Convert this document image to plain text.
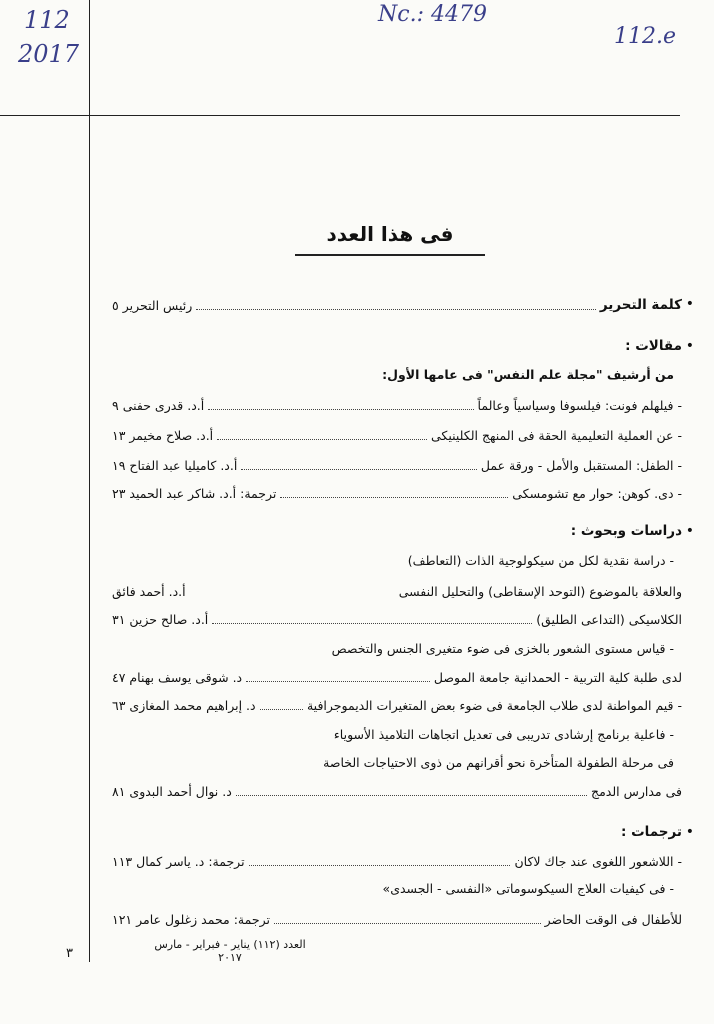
112
2017
Nc.: 4479
112.e
فى هذا العدد
•
كلمة التحرير
رئيس التحرير ٥
•
مقالات :
من أرشيف "مجلة علم النفس" فى عامها الأول:
- فيلهلم فونت: فيلسوفا وسياسياً وعالماً
أ.د. قدرى حفنى ٩
- عن العملية التعليمية الحقة فى المنهج الكلينيكى
أ.د. صلاح مخيمر ١٣
- الطفل: المستقبل والأمل - ورقة عمل
أ.د. كاميليا عبد الفتاح ١٩
- دى. كوهن: حوار مع تشومسكى
ترجمة: أ.د. شاكر عبد الحميد ٢٣
•
دراسات وبحوث :
- دراسة نقدية لكل من سيكولوجية الذات (التعاطف)
والعلاقة بالموضوع (التوحد الإسقاطى) والتحليل النفسى
أ.د. أحمد فائق
الكلاسيكى (التداعى الطليق)
أ.د. صالح حزين ٣١
- قياس مستوى الشعور بالخزى فى ضوء متغيرى الجنس والتخصص
لدى طلبة كلية التربية - الحمدانية جامعة الموصل
د. شوقى يوسف بهنام ٤٧
- قيم المواطنة لدى طلاب الجامعة فى ضوء بعض المتغيرات الديموجرافية
د. إبراهيم محمد المغازى ٦٣
- فاعلية برنامج إرشادى تدريبى فى تعديل اتجاهات التلاميذ الأسوياء
فى مرحلة الطفولة المتأخرة نحو أقرانهم من ذوى الاحتياجات الخاصة
فى مدارس الدمج
د. نوال أحمد البدوى ٨١
•
ترجمات :
- اللاشعور اللغوى عند جاك لاكان
ترجمة: د. ياسر كمال ١١٣
- فى كيفيات العلاج السيكوسوماتى «النفسى - الجسدى»
للأطفال فى الوقت الحاضر
ترجمة: محمد زغلول عامر ١٢١
العدد (١١٢) يناير - فبراير - مارس ٢٠١٧
٣
